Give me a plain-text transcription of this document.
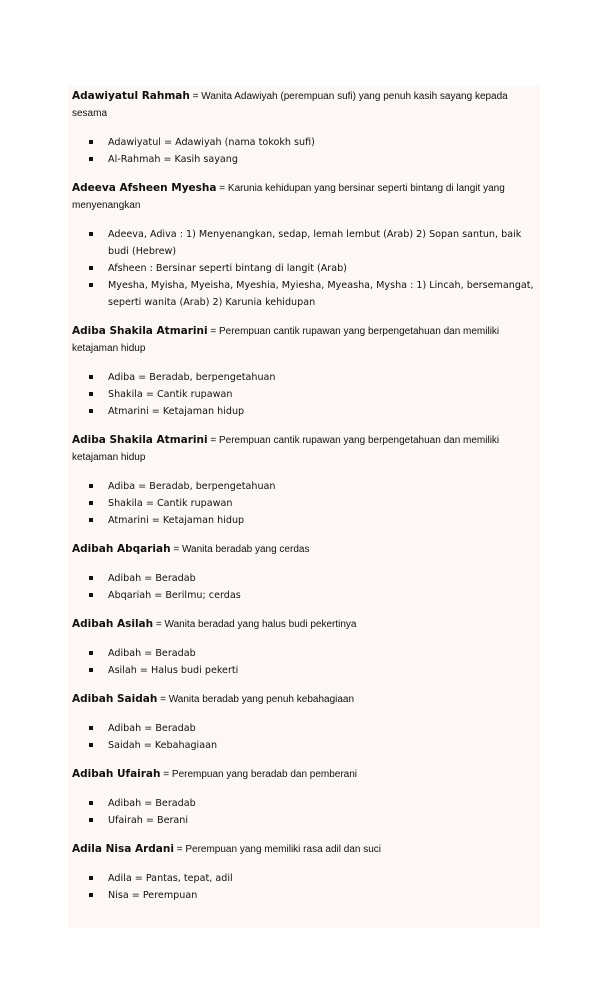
Adawiyatul Rahmah = Wanita Adawiyah (perempuan sufi) yang penuh kasih sayang kepada sesama

Adawiyatul = Adawiyah (nama tokokh sufi)
Al-Rahmah = Kasih sayang

Adeeva Afsheen Myesha = Karunia kehidupan yang bersinar seperti bintang di langit yang menyenangkan

Adeeva, Adiva : 1) Menyenangkan, sedap, lemah lembut (Arab) 2) Sopan santun, baik budi (Hebrew)
Afsheen : Bersinar seperti bintang di langit (Arab)
Myesha, Myisha, Myeisha, Myeshia, Myiesha, Myeasha, Mysha : 1) Lincah, bersemangat, seperti wanita (Arab) 2) Karunia kehidupan

Adiba Shakila Atmarini = Perempuan cantik rupawan yang berpengetahuan dan memiliki ketajaman hidup

Adiba = Beradab, berpengetahuan
Shakila = Cantik rupawan
Atmarini = Ketajaman hidup

Adiba Shakila Atmarini = Perempuan cantik rupawan yang berpengetahuan dan memiliki ketajaman hidup

Adiba = Beradab, berpengetahuan
Shakila = Cantik rupawan
Atmarini = Ketajaman hidup

Adibah Abqariah = Wanita beradab yang cerdas

Adibah = Beradab
Abqariah = Berilmu; cerdas

Adibah Asilah = Wanita beradad yang halus budi pekertinya

Adibah = Beradab
Asilah = Halus budi pekerti

Adibah Saidah = Wanita beradab yang penuh kebahagiaan

Adibah = Beradab
Saidah = Kebahagiaan

Adibah Ufairah = Perempuan yang beradab dan pemberani

Adibah = Beradab
Ufairah = Berani

Adila Nisa Ardani = Perempuan yang memiliki rasa adil dan suci

Adila = Pantas, tepat, adil
Nisa = Perempuan
